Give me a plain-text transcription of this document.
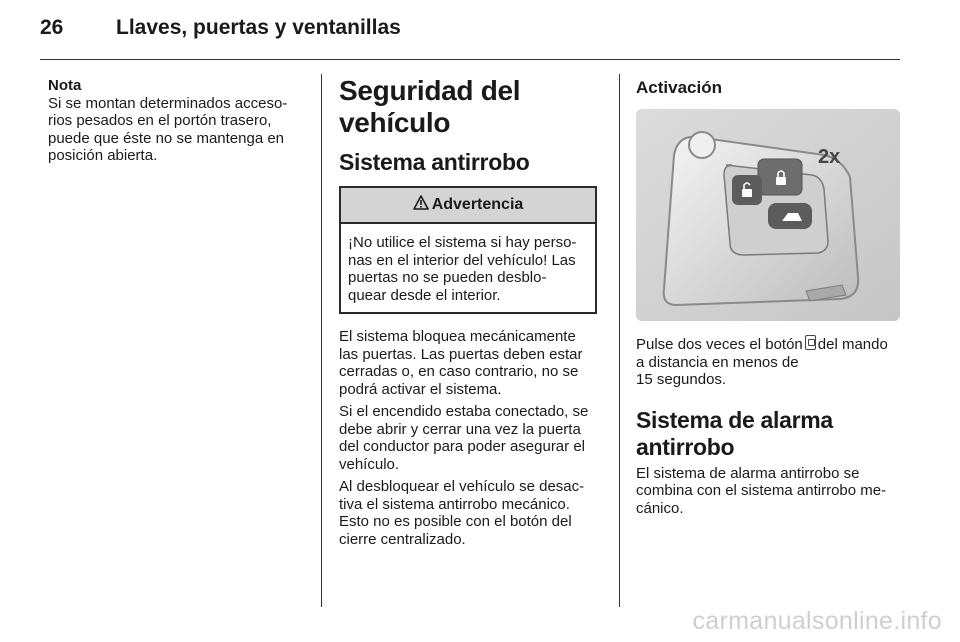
26	Llaves, puertas y ventanillas
Nota
Si se montan determinados acceso-
rios pesados en el portón trasero,
puede que éste no se mantenga en
posición abierta.
Seguridad del vehículo
Sistema antirrobo
Advertencia
¡No utilice el sistema si hay perso-
nas en el interior del vehículo! Las
puertas no se pueden desblo-
quear desde el interior.

El sistema bloquea mecánicamente
las puertas. Las puertas deben estar
cerradas o, en caso contrario, no se
podrá activar el sistema.

Si el encendido estaba conectado, se
debe abrir y cerrar una vez la puerta
del conductor para poder asegurar el
vehículo.

Al desbloquear el vehículo se desac-
tiva el sistema antirrobo mecánico.
Esto no es posible con el botón del
cierre centralizado.

Activación
2x
Pulse dos veces el botón del mando
a distancia en menos de
15 segundos.
Sistema de alarma
antirrobo
El sistema de alarma antirrobo se
combina con el sistema antirrobo me-
cánico.
carmanualsonline.info
